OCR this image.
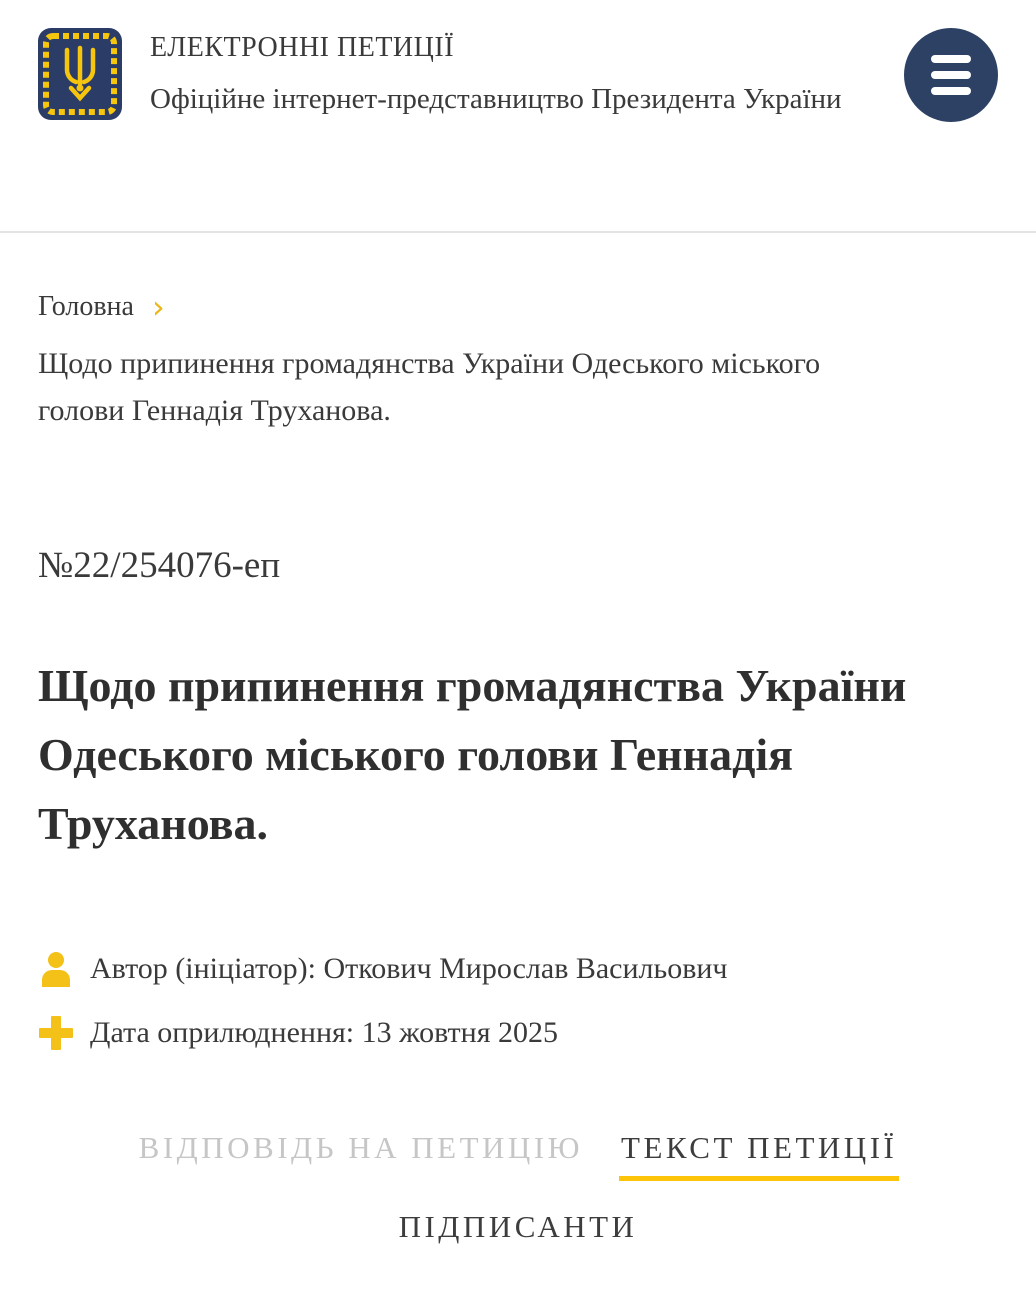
ЕЛЕКТРОННІ ПЕТИЦІЇ
Офіційне інтернет-представництво Президента України
Головна ›
Щодо припинення громадянства України Одеського міського голови Геннадія Труханова.
№22/254076-еп
Щодо припинення громадянства України Одеського міського голови Геннадія Труханова.
Автор (ініціатор): Откович Мирослав Васильович
Дата оприлюднення: 13 жовтня 2025
ВІДПОВІДЬ НА ПЕТИЦІЮ ТЕКСТ ПЕТИЦІЇ
ПІДПИСАНТИ
